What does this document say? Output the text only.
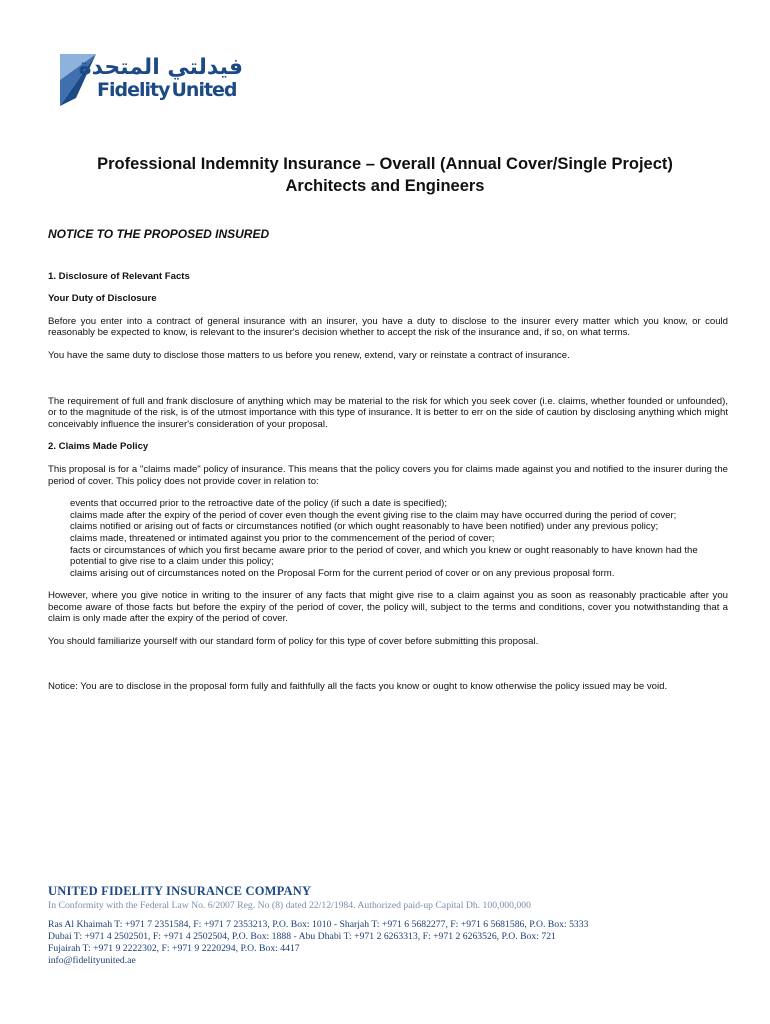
فيدلتي المتحدة
Fidelity United
Professional Indemnity Insurance – Overall (Annual Cover/Single Project)
Architects and Engineers
NOTICE TO THE PROPOSED INSURED
1. Disclosure of Relevant Facts
Your Duty of Disclosure
Before you enter into a contract of general insurance with an insurer, you have a duty to disclose to the insurer every matter which you know, or could reasonably be expected to know, is relevant to the insurer's decision whether to accept the risk of the insurance and, if so, on what terms.
You have the same duty to disclose those matters to us before you renew, extend, vary or reinstate a contract of insurance.
The requirement of full and frank disclosure of anything which may be material to the risk for which you seek cover (i.e. claims, whether founded or unfounded), or to the magnitude of the risk, is of the utmost importance with this type of insurance. It is better to err on the side of caution by disclosing anything which might conceivably influence the insurer's consideration of your proposal.
2. Claims Made Policy
This proposal is for a "claims made" policy of insurance. This means that the policy covers you for claims made against you and notified to the insurer during the period of cover. This policy does not provide cover in relation to:
events that occurred prior to the retroactive date of the policy (if such a date is specified);
claims made after the expiry of the period of cover even though the event giving rise to the claim may have occurred during the period of cover;
claims notified or arising out of facts or circumstances notified (or which ought reasonably to have been notified) under any previous policy;
claims made, threatened or intimated against you prior to the commencement of the period of cover;
facts or circumstances of which you first became aware prior to the period of cover, and which you knew or ought reasonably to have known had the potential to give rise to a claim under this policy;
claims arising out of circumstances noted on the Proposal Form for the current period of cover or on any previous proposal form.
However, where you give notice in writing to the insurer of any facts that might give rise to a claim against you as soon as reasonably practicable after you become aware of those facts but before the expiry of the period of cover, the policy will, subject to the terms and conditions, cover you notwithstanding that a claim is only made after the expiry of the period of cover.
You should familiarize yourself with our standard form of policy for this type of cover before submitting this proposal.
Notice: You are to disclose in the proposal form fully and faithfully all the facts you know or ought to know otherwise the policy issued may be void.
UNITED FIDELITY INSURANCE COMPANY
In Conformity with the Federal Law No. 6/2007 Reg. No (8) dated 22/12/1984. Authorized paid-up Capital Dh. 100,000,000
Ras Al Khaimah T: +971 7 2351584, F: +971 7 2353213, P.O. Box: 1010 - Sharjah T: +971 6 5682277, F: +971 6 5681586, P.O. Box: 5333
Dubai T: +971 4 2502501, F: +971 4 2502504, P.O. Box: 1888 - Abu Dhabi T: +971 2 6263313, F: +971 2 6263526, P.O. Box: 721
Fujairah T: +971 9 2222302, F: +971 9 2220294, P.O. Box: 4417
info@fidelityunited.ae
